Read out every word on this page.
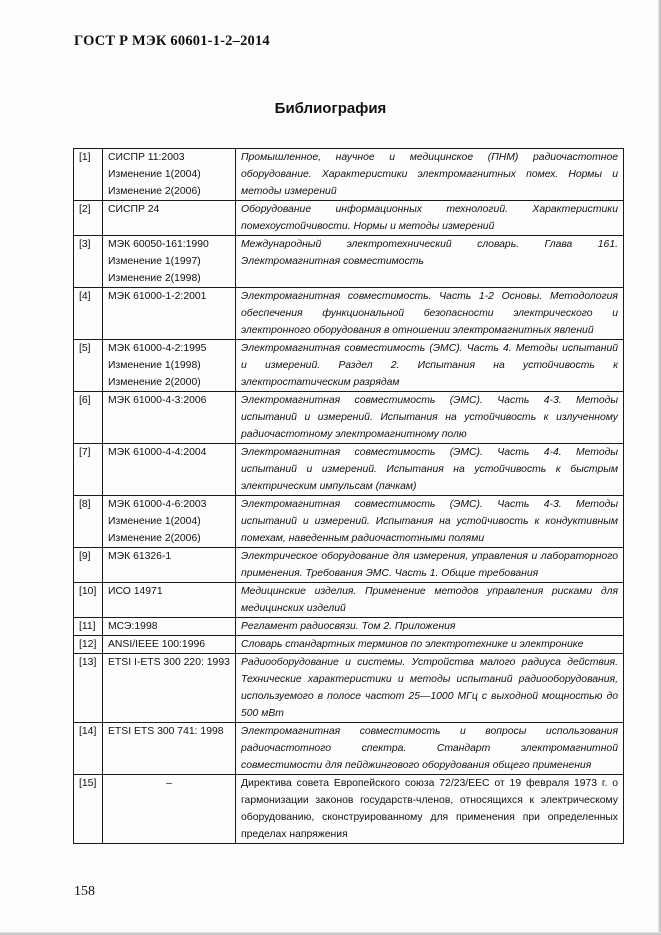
ГОСТ Р МЭК 60601-1-2–2014
Библиография
[1]	СИСПР 11:2003
Изменение 1(2004)
Изменение 2(2006)	Промышленное, научное и медицинское (ПНМ) радиочастотное оборудование. Характеристики электромагнитных помех. Нормы и методы измерений
[2]	СИСПР 24	Оборудование информационных технологий. Характеристики помехоустойчивости. Нормы и методы измерений
[3]	МЭК 60050-161:1990
Изменение 1(1997)
Изменение 2(1998)	Международный электротехнический словарь. Глава 161. Электромагнитная совместимость
[4]	МЭК 61000-1-2:2001	Электромагнитная совместимость. Часть 1-2 Основы. Методология обеспечения функциональной безопасности электрического и электронного оборудования в отношении электромагнитных явлений
[5]	МЭК 61000-4-2:1995
Изменение 1(1998)
Изменение 2(2000)	Электромагнитная совместимость (ЭМС). Часть 4. Методы испытаний и измерений. Раздел 2. Испытания на устойчивость к электростатическим разрядам
[6]	МЭК 61000-4-3:2006	Электромагнитная совместимость (ЭМС). Часть 4-3. Методы испытаний и измерений. Испытания на устойчивость к излученному радиочастотному электромагнитному полю
[7]	МЭК 61000-4-4:2004	Электромагнитная совместимость (ЭМС). Часть 4-4. Методы испытаний и измерений. Испытания на устойчивость к быстрым электрическим импульсам (пачкам)
[8]	МЭК 61000-4-6:2003
Изменение 1(2004)
Изменение 2(2006)	Электромагнитная совместимость (ЭМС). Часть 4-3. Методы испытаний и измерений. Испытания на устойчивость к кондуктивным помехам, наведенным радиочастотными полями
[9]	МЭК 61326-1	Электрическое оборудование для измерения, управления и лабораторного применения. Требования ЭМС. Часть 1. Общие требования
[10]	ИСО 14971	Медицинские изделия. Применение методов управления рисками для медицинских изделий
[11]	МСЭ:1998	Регламент радиосвязи. Том 2. Приложения
[12]	ANSI/IEEE 100:1996	Словарь стандартных терминов по электротехнике и электронике
[13]	ETSI I-ETS 300 220: 1993	Радиооборудование и системы. Устройства малого радиуса действия. Технические характеристики и методы испытаний радиооборудования, используемого в полосе частот 25—1000 МГц с выходной мощностью до 500 мВт
[14]	ETSI ETS 300 741: 1998	Электромагнитная совместимость и вопросы использования радиочастотного спектра. Стандарт электромагнитной совместимости для пейджингового оборудования общего применения
[15]	–	Директива совета Европейского союза 72/23/ЕЕС от 19 февраля 1973 г. о гармонизации законов государств-членов, относящихся к электрическому оборудованию, сконструированному для применения при определенных пределах напряжения
158
